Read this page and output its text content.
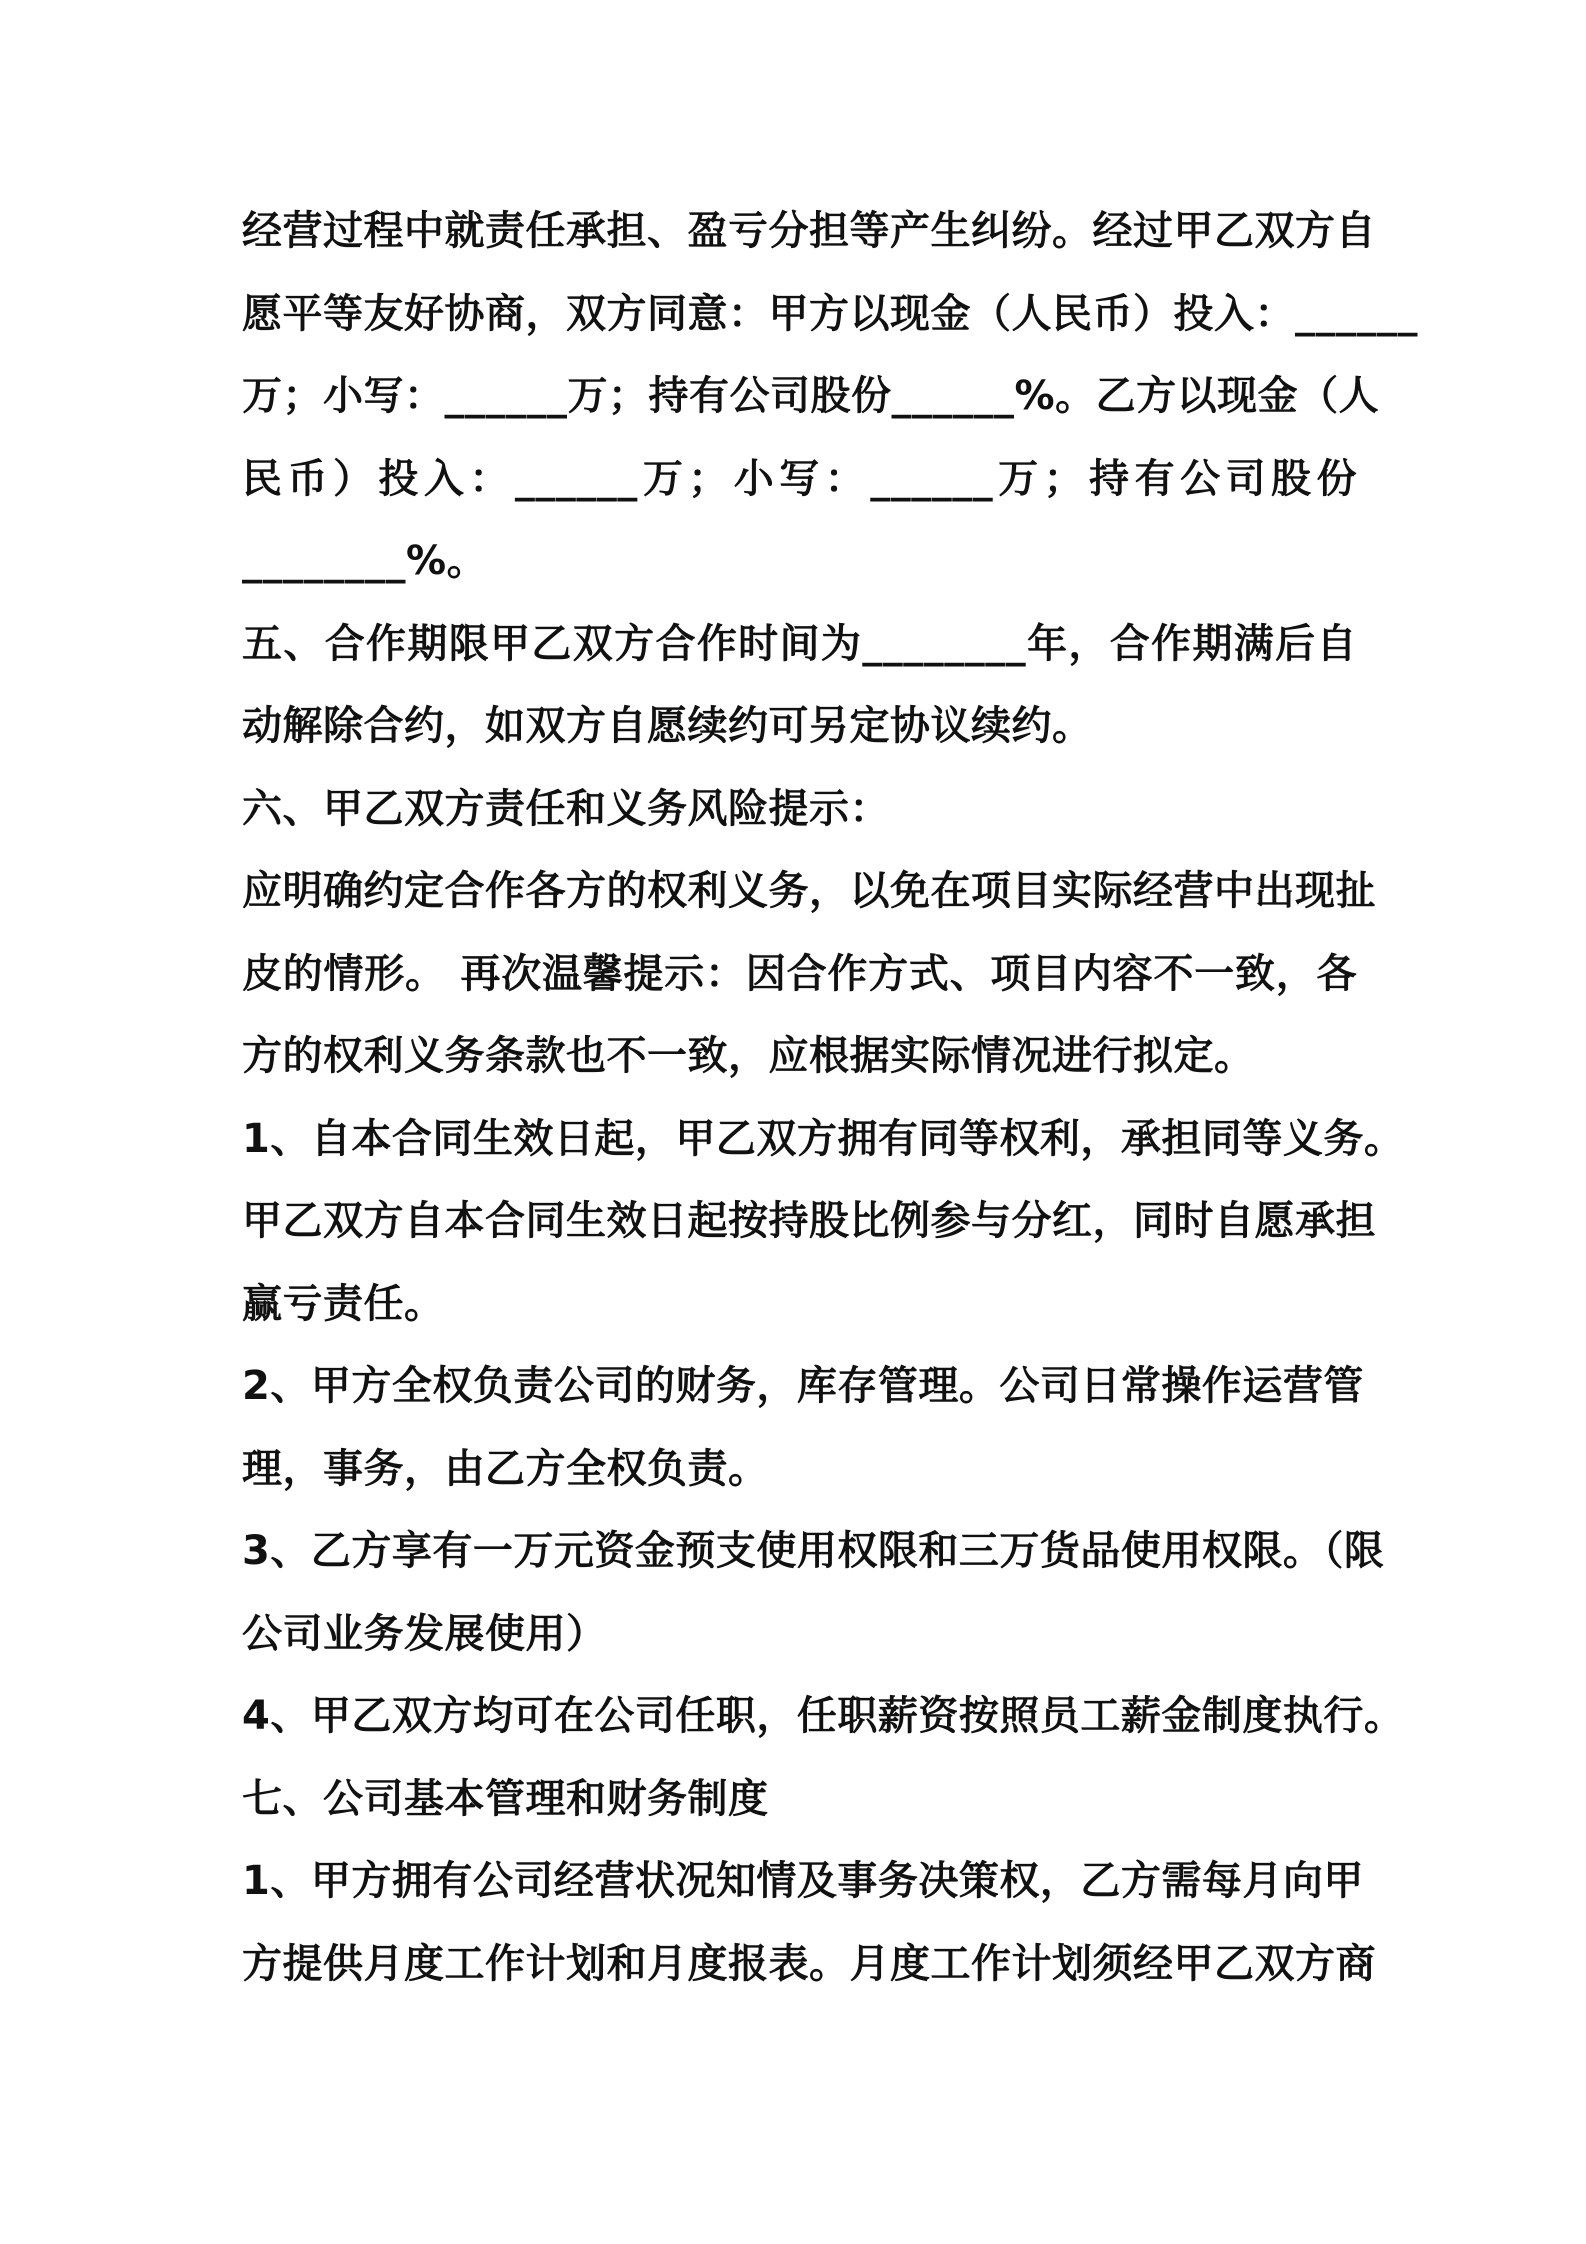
经营过程中就责任承担、盈亏分担等产生纠纷。经过甲乙双方自
愿平等友好协商，双方同意：甲方以现金（人民币）投入：______
万；小写：______万；持有公司股份______%。乙方以现金（人
民币）投入：______万；小写：______万；持有公司股份
________%。
五、合作期限甲乙双方合作时间为________年，合作期满后自
动解除合约，如双方自愿续约可另定协议续约。
六、甲乙双方责任和义务风险提示：
应明确约定合作各方的权利义务，以免在项目实际经营中出现扯
皮的情形。 再次温馨提示：因合作方式、项目内容不一致，各
方的权利义务条款也不一致，应根据实际情况进行拟定。
1、自本合同生效日起，甲乙双方拥有同等权利，承担同等义务。
甲乙双方自本合同生效日起按持股比例参与分红，同时自愿承担
赢亏责任。
2、甲方全权负责公司的财务，库存管理。公司日常操作运营管
理，事务，由乙方全权负责。
3、乙方享有一万元资金预支使用权限和三万货品使用权限。（限
公司业务发展使用）
4、甲乙双方均可在公司任职，任职薪资按照员工薪金制度执行。
七、公司基本管理和财务制度
1、甲方拥有公司经营状况知情及事务决策权，乙方需每月向甲
方提供月度工作计划和月度报表。月度工作计划须经甲乙双方商
